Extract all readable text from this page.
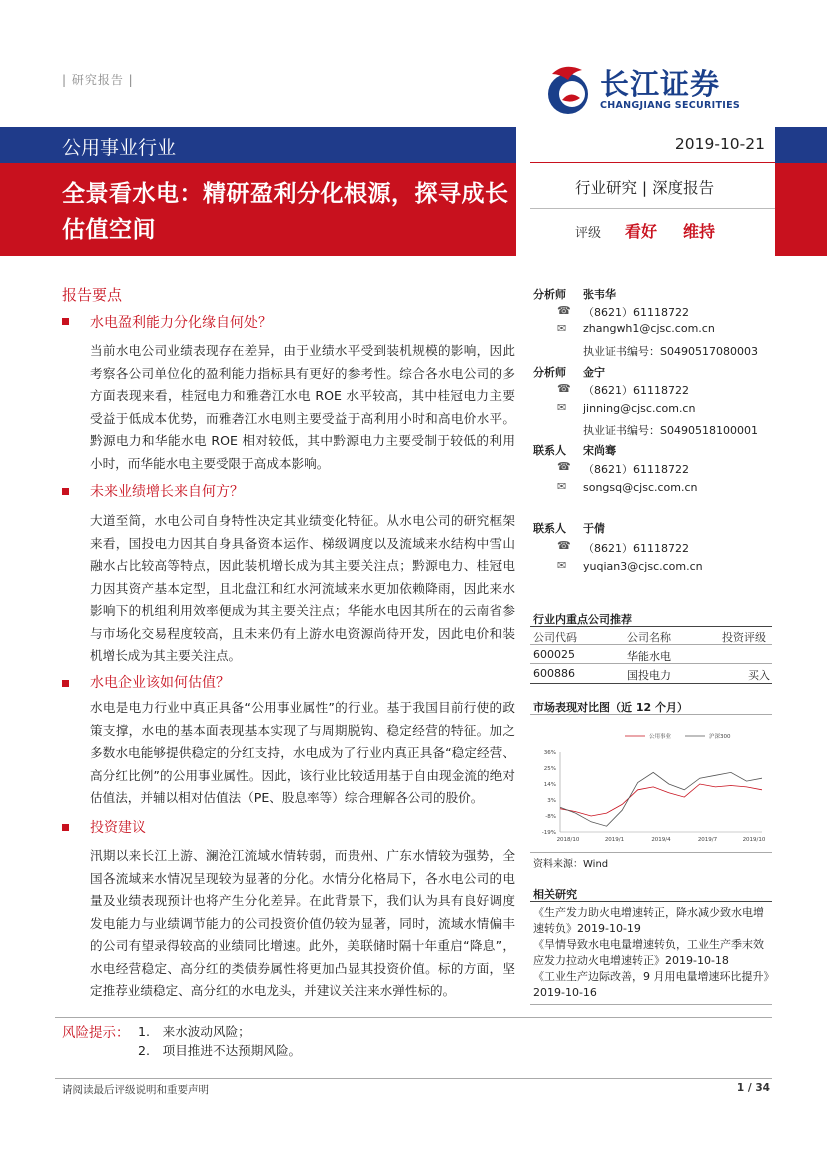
| 研究报告 |	长江证券
CHANGJIANG SECURITIES
公用事业行业
全景看水电：精研盈利分化根源，探寻成长估值空间
2019-10-21
行业研究 | 深度报告
评级 看好 维持
报告要点
水电盈利能力分化缘自何处？
当前水电公司业绩表现存在差异，由于业绩水平受到装机规模的影响，因此考察各公司单位化的盈利能力指标具有更好的参考性。综合各水电公司的多方面表现来看，桂冠电力和雅砻江水电 ROE 水平较高，其中桂冠电力主要受益于低成本优势，而雅砻江水电则主要受益于高利用小时和高电价水平。黔源电力和华能水电 ROE 相对较低，其中黔源电力主要受制于较低的利用小时，而华能水电主要受限于高成本影响。
未来业绩增长来自何方？
大道至简，水电公司自身特性决定其业绩变化特征。从水电公司的研究框架来看，国投电力因其自身具备资本运作、梯级调度以及流域来水结构中雪山融水占比较高等特点，因此装机增长成为其主要关注点；黔源电力、桂冠电力因其资产基本定型，且北盘江和红水河流域来水更加依赖降雨，因此来水影响下的机组利用效率便成为其主要关注点；华能水电因其所在的云南省参与市场化交易程度较高，且未来仍有上游水电资源尚待开发，因此电价和装机增长成为其主要关注点。
水电企业该如何估值？
水电是电力行业中真正具备“公用事业属性”的行业。基于我国目前行使的政策支撑，水电的基本面表现基本实现了与周期脱钩、稳定经营的特征。加之多数水电能够提供稳定的分红支持，水电成为了行业内真正具备“稳定经营、高分红比例”的公用事业属性。因此，该行业比较适用基于自由现金流的绝对估值法，并辅以相对估值法（PE、股息率等）综合理解各公司的股价。
投资建议
汛期以来长江上游、澜沧江流域水情转弱，而贵州、广东水情较为强势，全国各流域来水情况呈现较为显著的分化。水情分化格局下，各水电公司的电量及业绩表现预计也将产生分化差异。在此背景下，我们认为具有良好调度发电能力与业绩调节能力的公司投资价值仍较为显著，同时，流域水情偏丰的公司有望录得较高的业绩同比增速。此外，美联储时隔十年重启“降息”，水电经营稳定、高分红的类债券属性将更加凸显其投资价值。标的方面，坚定推荐业绩稳定、高分红的水电龙头，并建议关注来水弹性标的。
风险提示： 1.　来水波动风险；
2.　项目推进不达预期风险。
分析师 张韦华
☎ （8621）61118722
✉ zhangwh1@cjsc.com.cn
执业证书编号：S0490517080003
分析师 金宁
☎ （8621）61118722
✉ jinning@cjsc.com.cn
执业证书编号：S0490518100001
联系人 宋尚骞
☎ （8621）61118722
✉ songsq@cjsc.com.cn
联系人 于倩
☎ （8621）61118722
✉ yuqian3@cjsc.com.cn
行业内重点公司推荐
公司代码	公司名称	投资评级
600025	华能水电
600886	国投电力	买入
市场表现对比图（近 12 个月）
36%
25%
14%
3%
-8%
-19%
2018/10	2019/1	2019/4	2019/7	2019/10
公用事业	沪深300
资料来源：Wind
相关研究
《生产发力助火电增速转正，降水减少致水电增速转负》2019-10-19
《旱情导致水电电量增速转负，工业生产季末效应发力拉动火电增速转正》2019-10-18
《工业生产边际改善，9 月用电量增速环比提升》2019-10-16
请阅读最后评级说明和重要声明	1 / 34
